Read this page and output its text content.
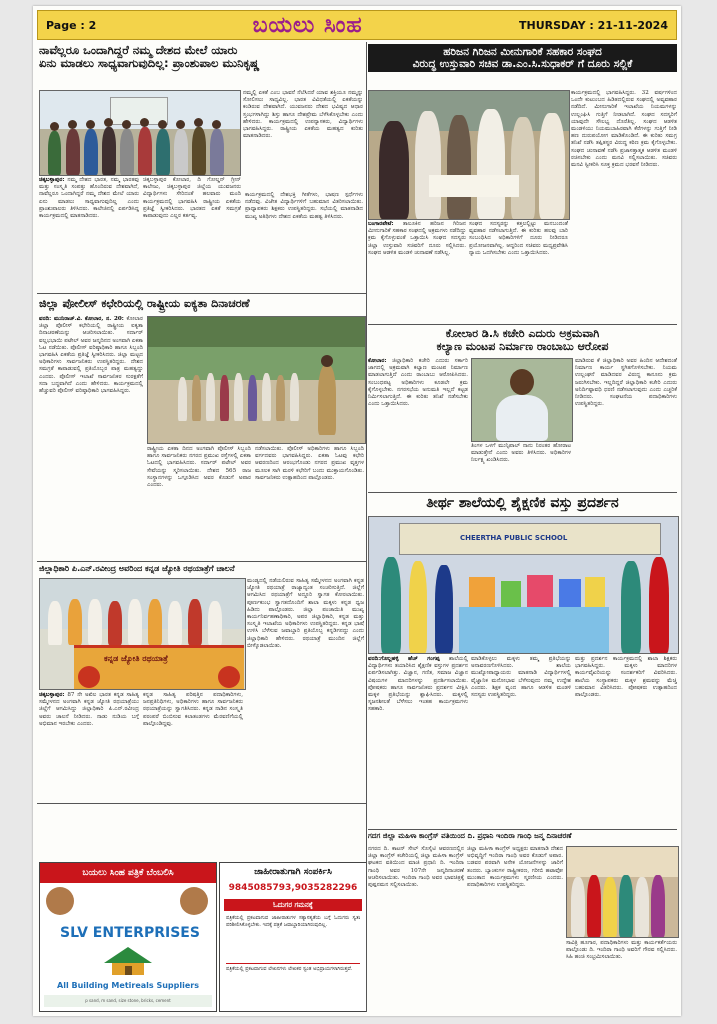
Page : 2	ಬಯಲು ಸಿಂಹ	THURSDAY : 21-11-2024
ನಾವೆಲ್ಲರೂ ಒಂದಾಗಿದ್ದರೆ ನಮ್ಮ ದೇಶದ ಮೇಲೆ ಯಾರು
ಏನು ಮಾಡಲು ಸಾಧ್ಯವಾಗುವುದಿಲ್ಲ: ಪ್ರಾಂಶುಪಾಲ ಮುನಿಕೃಷ್ಣ
ನಮ್ಮಲ್ಲಿ ಏಕತೆ ಎಂಬ ಭಾವನೆ ನೆಲೆಸಿದರೆ ಯಾವ ಶಕ್ತಿಯೂ ನಮ್ಮನ್ನು ಸೋಲಿಸಲು ಸಾಧ್ಯವಿಲ್ಲ. ಭಾರತ ವಿವಿಧತೆಯಲ್ಲಿ ಏಕತೆಯನ್ನು ಕಂಡಿರುವ ದೇಶವಾಗಿದೆ. ಯುವಜನರು ದೇಶದ ಭವಿಷ್ಯದ ಆಧಾರ ಸ್ತಂಭಗಳಾಗಿದ್ದು ಶಿಸ್ತು ಹಾಗೂ ದೇಶಪ್ರೇಮ ಬೆಳೆಸಿಕೊಳ್ಳಬೇಕು ಎಂದು ಹೇಳಿದರು. ಕಾರ್ಯಕ್ರಮದಲ್ಲಿ ಉಪನ್ಯಾಸಕರು, ವಿದ್ಯಾರ್ಥಿಗಳು ಭಾಗವಹಿಸಿದ್ದರು. ರಾಷ್ಟ್ರೀಯ ಏಕತೆಯ ಮಹತ್ವದ ಕುರಿತು ಮಾತನಾಡಿದರು.
ಚಿಕ್ಕಬಳ್ಳಾಪುರ: ನಮ್ಮ ದೇಶದ ಭಾರತ, ನಮ್ಮ ಭಾರತವು ಮತ್ತು ಸಂಸ್ಕೃತಿ ಸಂಪತ್ತು ಹೊಂದಿರುವ ದೇಶವಾಗಿದೆ, ನಾವೆಲ್ಲರೂ ಒಂದಾಗಿದ್ದರೆ ನಮ್ಮ ದೇಶದ ಮೇಲೆ ಯಾರು ಏನು ಮಾಡಲು ಸಾಧ್ಯವಾಗುವುದಿಲ್ಲ ಎಂದು ಪ್ರಾಂಶುಪಾಲರು ತಿಳಿಸಿದರು. ಕಾಲೇಜಿನಲ್ಲಿ ಏರ್ಪಡಿಸಿದ್ದ ಕಾರ್ಯಕ್ರಮದಲ್ಲಿ ಮಾತನಾಡಿದರು.
ಚಿಕ್ಕಬಳ್ಳಾಪುರ ಕೋಲಾರ, ದಿ ಗೋಲ್ಡನ್ ಗ್ರೀನ್ ಕಾಲೇಜು, ಚಿಕ್ಕಬಳ್ಳಾಪುರ ಜಿಲ್ಲೆಯ ಯುವಜನರು ವಿದ್ಯಾರ್ಥಿಗಳು ಸೇರಿದಂತೆ ಹಲವಾರು ಮಂದಿ ಕಾರ್ಯಕ್ರಮದಲ್ಲಿ ಭಾಗವಹಿಸಿ ರಾಷ್ಟ್ರೀಯ ಏಕತೆಯ ಪ್ರತಿಜ್ಞೆ ಸ್ವೀಕರಿಸಿದರು. ಭಾರತದ ಏಕತೆ ಸಮಗ್ರತೆ ಕಾಪಾಡುವುದು ಎಲ್ಲರ ಕರ್ತವ್ಯ.
ಕಾರ್ಯಕ್ರಮದಲ್ಲಿ ದೇಶಭಕ್ತಿ ಗೀತೆಗಳು, ಭಾಷಣ ಸ್ಪರ್ಧೆಗಳು ನಡೆದವು. ವಿಜೇತ ವಿದ್ಯಾರ್ಥಿಗಳಿಗೆ ಬಹುಮಾನ ವಿತರಿಸಲಾಯಿತು. ಪ್ರಾಧ್ಯಾಪಕರು ಶಿಕ್ಷಕರು ಉಪಸ್ಥಿತರಿದ್ದರು. ಸಭೆಯಲ್ಲಿ ಮಾತನಾಡಿದ ಮುಖ್ಯ ಅತಿಥಿಗಳು ದೇಶದ ಏಕತೆಯ ಮಹತ್ವ ತಿಳಿಸಿದರು.
ಜಿಲ್ಲಾ ಪೋಲೀಸ್ ಕಛೇರಿಯಲ್ಲಿ ರಾಷ್ಟ್ರೀಯ ಐಕ್ಯತಾ ದಿನಾಚರಣೆ
ವರದಿ: ಮುನಿರಾಜ್.ವಿ. ಕೋಲಾರ, ನ. 20: ಕೋಲಾರ ಜಿಲ್ಲಾ ಪೊಲೀಸ್ ಕಛೇರಿಯಲ್ಲಿ ರಾಷ್ಟ್ರೀಯ ಐಕ್ಯತಾ ದಿನಾಚರಣೆಯನ್ನು ಆಚರಿಸಲಾಯಿತು. ಸರ್ದಾರ್ ವಲ್ಲಭಭಾಯಿ ಪಟೇಲ್ ಅವರ ಜನ್ಮದಿನದ ಅಂಗವಾಗಿ ಏಕತಾ ಓಟ ನಡೆಯಿತು. ಪೊಲೀಸ್ ವರಿಷ್ಠಾಧಿಕಾರಿ ಹಾಗೂ ಸಿಬ್ಬಂದಿ ಭಾಗವಹಿಸಿ ಏಕತೆಯ ಪ್ರತಿಜ್ಞೆ ಸ್ವೀಕರಿಸಿದರು. ಜಿಲ್ಲಾ ಮಟ್ಟದ ಅಧಿಕಾರಿಗಳು ಸಾರ್ವಜನಿಕರು ಉಪಸ್ಥಿತರಿದ್ದರು. ದೇಶದ ಸಮಗ್ರತೆ ಕಾಪಾಡುವಲ್ಲಿ ಪ್ರತಿಯೊಬ್ಬರ ಪಾತ್ರ ಮಹತ್ವದ್ದು ಎಂದರು. ಪೊಲೀಸ್ ಇಲಾಖೆ ಸಾರ್ವಜನಿಕರ ಸುರಕ್ಷತೆಗೆ ಸದಾ ಬದ್ಧವಾಗಿದೆ ಎಂದು ಹೇಳಿದರು. ಕಾರ್ಯಕ್ರಮದಲ್ಲಿ ಹೆಚ್ಚುವರಿ ಪೊಲೀಸ್ ವರಿಷ್ಠಾಧಿಕಾರಿ ಭಾಗವಹಿಸಿದ್ದರು.
ರಾಷ್ಟ್ರೀಯ ಏಕತಾ ದಿನದ ಅಂಗವಾಗಿ ಪೊಲೀಸ್ ಸಿಬ್ಬಂದಿ ಹಾಗೂ ಸಾರ್ವಜನಿಕರು ನಗರದ ಪ್ರಮುಖ ರಸ್ತೆಗಳಲ್ಲಿ ಏಕತಾ ಓಟದಲ್ಲಿ ಭಾಗವಹಿಸಿದರು. ಸರ್ದಾರ್ ಪಟೇಲ್ ಅವರ ಸೇವೆಯನ್ನು ಸ್ಮರಿಸಲಾಯಿತು. ದೇಶದ 565 ರಾಜ ಸಂಸ್ಥಾನಗಳನ್ನು ಒಗ್ಗೂಡಿಸಿದ ಅವರ ಕೊಡುಗೆ ಅಪಾರ ಎಂದರು.
ನಡೆಸಲಾಯಿತು. ಪೊಲೀಸ್ ಅಧಿಕಾರಿಗಳು ಹಾಗೂ ಸಿಬ್ಬಂದಿ ವರ್ಗದವರು ಭಾಗವಹಿಸಿದ್ದರು. ಏಕತಾ ಓಟವು ಕಛೇರಿ ಆವರಣದಿಂದ ಆರಂಭಗೊಂಡು ನಗರದ ಪ್ರಮುಖ ವೃತ್ತಗಳ ಮೂಲಕ ಸಾಗಿ ಮರಳಿ ಕಛೇರಿಗೆ ಬಂದು ಮುಕ್ತಾಯಗೊಂಡಿತು. ಸಾರ್ವಜನಿಕರು ಉತ್ಸಾಹದಿಂದ ಪಾಲ್ಗೊಂಡರು.
ಜಿಲ್ಲಾಧಿಕಾರಿ ಪಿ.ಎನ್.ರವೀಂದ್ರ ಅವರಿಂದ ಕನ್ನಡ ಜ್ಯೋತಿ ರಥಯಾತ್ರೆಗೆ ಚಾಲನೆ
ಕನ್ನಡ ಜ್ಯೋತಿ ರಥಯಾತ್ರೆ
ಚಿಕ್ಕಬಳ್ಳಾಪುರ: 87 ನೇ ಅಖಿಲ ಭಾರತ ಕನ್ನಡ ಸಾಹಿತ್ಯ ಸಮ್ಮೇಳನದ ಅಂಗವಾಗಿ ಕನ್ನಡ ಜ್ಯೋತಿ ರಥಯಾತ್ರೆಯು ಜಿಲ್ಲೆಗೆ ಆಗಮಿಸಿದ್ದು ಜಿಲ್ಲಾಧಿಕಾರಿ ಪಿ.ಎನ್.ರವೀಂದ್ರ ಅವರು ಚಾಲನೆ ನೀಡಿದರು. ನಾಡು ನುಡಿಯ ಬಗ್ಗೆ ಅಭಿಮಾನ ಇರಬೇಕು ಎಂದರು.
ಕನ್ನಡ ಸಾಹಿತ್ಯ ಪರಿಷತ್ತಿನ ಪದಾಧಿಕಾರಿಗಳು, ಜನಪ್ರತಿನಿಧಿಗಳು, ಅಧಿಕಾರಿಗಳು ಹಾಗೂ ಸಾರ್ವಜನಿಕರು ರಥಯಾತ್ರೆಯನ್ನು ಸ್ವಾಗತಿಸಿದರು. ಕನ್ನಡ ನಾಡಿನ ಸಂಸ್ಕೃತಿ ಪರಂಪರೆ ಬಿಂಬಿಸುವ ಕಲಾತಂಡಗಳು ಮೆರವಣಿಗೆಯಲ್ಲಿ ಪಾಲ್ಗೊಂಡಿದ್ದವು.
ಮಂಡ್ಯದಲ್ಲಿ ನಡೆಯಲಿರುವ ಸಾಹಿತ್ಯ ಸಮ್ಮೇಳನದ ಅಂಗವಾಗಿ ಕನ್ನಡ ಜ್ಯೋತಿ ರಥಯಾತ್ರೆ ರಾಜ್ಯಾದ್ಯಂತ ಸಂಚರಿಸುತ್ತಿದೆ. ಜಿಲ್ಲೆಗೆ ಆಗಮಿಸಿದ ರಥಯಾತ್ರೆಗೆ ಅದ್ದೂರಿ ಸ್ವಾಗತ ಕೋರಲಾಯಿತು. ಪೂರ್ಣಕುಂಭ ಸ್ವಾಗತದೊಂದಿಗೆ ಶಾಲಾ ಮಕ್ಕಳು ಕನ್ನಡ ಧ್ವಜ ಹಿಡಿದು ಪಾಲ್ಗೊಂಡರು. ಜಿಲ್ಲಾ ಪಂಚಾಯಿತಿ ಮುಖ್ಯ ಕಾರ್ಯನಿರ್ವಹಣಾಧಿಕಾರಿ, ಅಪರ ಜಿಲ್ಲಾಧಿಕಾರಿ, ಕನ್ನಡ ಮತ್ತು ಸಂಸ್ಕೃತಿ ಇಲಾಖೆಯ ಅಧಿಕಾರಿಗಳು ಉಪಸ್ಥಿತರಿದ್ದರು. ಕನ್ನಡ ಭಾಷೆ ಉಳಿಸಿ ಬೆಳೆಸುವ ಜವಾಬ್ದಾರಿ ಪ್ರತಿಯೊಬ್ಬ ಕನ್ನಡಿಗನದ್ದು ಎಂದು ಜಿಲ್ಲಾಧಿಕಾರಿ ಹೇಳಿದರು. ರಥಯಾತ್ರೆ ಮುಂದಿನ ಜಿಲ್ಲೆಗೆ ಬೀಳ್ಕೊಡಲಾಯಿತು.
ಬಯಲು ಸಿಂಹ ಪತ್ರಿಕೆ ಬೆಂಬಲಿಸಿ
SLV ENTERPRISES
All Building Metireals Suppliers
p sand, m sand, size stone, bricks, cement
ಜಾಹೀರಾತುಗಾಗಿ ಸಂಪರ್ಕಿಸಿ
9845085793,9035282296
ಓದುಗರ ಗಮನಕ್ಕೆ
ಪತ್ರಿಕೆಯಲ್ಲಿ ಪ್ರಕಟವಾಗುವ ಜಾಹೀರಾತುಗಳ ಸತ್ಯಾಸತ್ಯತೆಯ ಬಗ್ಗೆ ಓದುಗರು ಸ್ವತಃ ಪರಿಶೀಲಿಸಿಕೊಳ್ಳಬೇಕು. ಇದಕ್ಕೆ ಪತ್ರಿಕೆ ಜವಾಬ್ದಾರಿಯಾಗಿರುವುದಿಲ್ಲ.
ಪತ್ರಿಕೆಯಲ್ಲಿ ಪ್ರಕಟವಾಗುವ ಲೇಖನಗಳು ಲೇಖಕರ ಸ್ವಂತ ಅಭಿಪ್ರಾಯಗಳಾಗಿರುತ್ತವೆ.
ಹರಿಜನ ಗಿರಿಜನ ಮೀನುಗಾರಿಕೆ ಸಹಕಾರ ಸಂಘದ
ವಿರುದ್ಧ ಉಸ್ತುವಾರಿ ಸಚಿವ ಡಾ.ಎಂ.ಸಿ.ಸುಧಾಕರ್ ಗೆ ದೂರು ಸಲ್ಲಿಕೆ
ಕಾರ್ಯಕ್ರಮದಲ್ಲಿ ಭಾಗವಹಿಸಿದ್ದರು. 32 ವರ್ಷಗಳಿಂದ ಒಂದೇ ಕುಟುಂಬದ ಹಿಡಿತದಲ್ಲಿರುವ ಸಂಘದಲ್ಲಿ ಅವ್ಯವಹಾರ ನಡೆದಿದೆ. ಮೀನುಗಾರಿಕೆ ಇಲಾಖೆಯ ನಿಯಮಗಳನ್ನು ಉಲ್ಲಂಘಿಸಿ ಗುತ್ತಿಗೆ ನೀಡಲಾಗಿದೆ. ಸಂಘದ ಸದಸ್ಯರಿಗೆ ಯಾವುದೇ ಸೌಲಭ್ಯ ದೊರೆತಿಲ್ಲ. ಸಂಘದ ಆಡಳಿತ ಮಂಡಳಿಯು ನಿಯಮಬಾಹಿರವಾಗಿ ಕೆರೆಗಳನ್ನು ಗುತ್ತಿಗೆ ನೀಡಿ ಹಣ ದುರುಪಯೋಗ ಮಾಡಿಕೊಂಡಿದೆ. ಈ ಕುರಿತು ಸಮಗ್ರ ತನಿಖೆ ನಡೆಸಿ ತಪ್ಪಿತಸ್ಥರ ವಿರುದ್ಧ ಕಠಿಣ ಕ್ರಮ ಕೈಗೊಳ್ಳಬೇಕು. ಸಂಘದ ಚುನಾವಣೆ ನಡೆಸಿ ಪ್ರಜಾಸತ್ತಾತ್ಮಕ ಆಡಳಿತ ಮಂಡಳಿ ರಚಿಸಬೇಕು ಎಂದು ಮನವಿ ಸಲ್ಲಿಸಲಾಯಿತು. ಸಚಿವರು ಮನವಿ ಸ್ವೀಕರಿಸಿ ಸೂಕ್ತ ಕ್ರಮದ ಭರವಸೆ ನೀಡಿದರು.
ಬಂಗಾರಪೇಟೆ: ತಾಲೂಕಿನ ಹರಿಜನ ಗಿರಿಜನ ಮೀನುಗಾರಿಕೆ ಸಹಕಾರ ಸಂಘದಲ್ಲಿ ಅಕ್ರಮಗಳು ನಡೆದಿದ್ದು ಕ್ರಮ ಕೈಗೊಳ್ಳುವಂತೆ ಒತ್ತಾಯಿಸಿ ಸಂಘದ ಸದಸ್ಯರು ಜಿಲ್ಲಾ ಉಸ್ತುವಾರಿ ಸಚಿವರಿಗೆ ದೂರು ಸಲ್ಲಿಸಿದರು. ಸಂಘದ ಆಡಳಿತ ಮಂಡಳಿ ಚುನಾವಣೆ ನಡೆಸಿಲ್ಲ.
ಸಂಘದ ಸದಸ್ಯರನ್ನು ಕತ್ತಲಲ್ಲಿಟ್ಟು ಮನಬಂದಂತೆ ವ್ಯವಹಾರ ನಡೆಸಲಾಗುತ್ತಿದೆ. ಈ ಕುರಿತು ಹಲವು ಬಾರಿ ಸಂಬಂಧಿಸಿದ ಅಧಿಕಾರಿಗಳಿಗೆ ದೂರು ನೀಡಿದರೂ ಪ್ರಯೋಜನವಾಗಿಲ್ಲ. ಆದ್ದರಿಂದ ಸಚಿವರು ಮಧ್ಯಪ್ರವೇಶಿಸಿ ನ್ಯಾಯ ಒದಗಿಸಬೇಕು ಎಂದು ಒತ್ತಾಯಿಸಿದರು.
ಕೋಲಾರ ಡಿ.ಸಿ ಕಚೇರಿ ಎದುರು ಅಕ್ರಮವಾಗಿ
ಕಲ್ಯಾಣ ಮಂಟಪ ನಿರ್ಮಾಣ ರಾಂಬಾಬು ಆರೋಪ
ಕೋಲಾರ: ಜಿಲ್ಲಾಧಿಕಾರಿ ಕಚೇರಿ ಎದುರು ಸರ್ಕಾರಿ ಜಾಗದಲ್ಲಿ ಅಕ್ರಮವಾಗಿ ಕಲ್ಯಾಣ ಮಂಟಪ ನಿರ್ಮಾಣ ಮಾಡಲಾಗುತ್ತಿದೆ ಎಂದು ರಾಂಬಾಬು ಆರೋಪಿಸಿದರು. ಸಂಬಂಧಪಟ್ಟ ಅಧಿಕಾರಿಗಳು ಕೂಡಲೇ ಕ್ರಮ ಕೈಗೊಳ್ಳಬೇಕು. ನಗರಸಭೆಯ ಅನುಮತಿ ಇಲ್ಲದೆ ಕಟ್ಟಡ ನಿರ್ಮಿಸಲಾಗುತ್ತಿದೆ. ಈ ಕುರಿತು ತನಿಖೆ ನಡೆಸಬೇಕು ಎಂದು ಒತ್ತಾಯಿಸಿದರು.
ತಿಂಗಳ ಒಳಗೆ ಮುನ್ಸಿಪಾಲ್ ನಾನು ನಿರಂತರ ಹೋರಾಟ ಮಾಡುತ್ತೇನೆ ಎಂದು ಅವರು ತಿಳಿಸಿದರು. ಅಧಿಕಾರಿಗಳ ನಿರ್ಲಕ್ಷ್ಯ ಖಂಡಿಸಿದರು.
ಮಾಡಿರುವ ಕೆ ಜಿಲ್ಲಾಧಿಕಾರಿ ಅವರ ಹಿಂದಿನ ಆದೇಶದಂತೆ ನಿರ್ಮಾಣ ಕಾರ್ಯ ಸ್ಥಗಿತಗೊಳಿಸಬೇಕು. ನಿಯಮ ಉಲ್ಲಂಘನೆ ಮಾಡಿದವರ ವಿರುದ್ಧ ಕಾನೂನು ಕ್ರಮ ಜರುಗಿಸಬೇಕು. ಇಲ್ಲದಿದ್ದರೆ ಜಿಲ್ಲಾಧಿಕಾರಿ ಕಚೇರಿ ಎದುರು ಅನಿರ್ದಿಷ್ಟಾವಧಿ ಧರಣಿ ನಡೆಸಲಾಗುವುದು ಎಂದು ಎಚ್ಚರಿಕೆ ನೀಡಿದರು. ಸಂಘಟನೆಯ ಪದಾಧಿಕಾರಿಗಳು ಉಪಸ್ಥಿತರಿದ್ದರು.
ತೀರ್ಥ ಶಾಲೆಯಲ್ಲಿ ಶೈಕ್ಷಣಿಕ ವಸ್ತು ಪ್ರದರ್ಶನ
CHEERTHA PUBLIC SCHOOL
ವರದಿ:ಗೊಲ್ಲಹಳ್ಳಿ ಹೆಚ್ ಗಂಗಪ್ಪ ಶಾಲೆಯಲ್ಲಿ ವಿದ್ಯಾರ್ಥಿಗಳು ತಯಾರಿಸಿದ ಶೈಕ್ಷಣಿಕ ವಸ್ತುಗಳ ಪ್ರದರ್ಶನ ಏರ್ಪಡಿಸಲಾಗಿತ್ತು. ವಿಜ್ಞಾನ, ಗಣಿತ, ಸಮಾಜ ವಿಜ್ಞಾನ ವಿಷಯಗಳ ಮಾದರಿಗಳನ್ನು ಪ್ರದರ್ಶಿಸಲಾಯಿತು. ಪೋಷಕರು ಹಾಗೂ ಸಾರ್ವಜನಿಕರು ಪ್ರದರ್ಶನ ವೀಕ್ಷಿಸಿ ಮಕ್ಕಳ ಪ್ರತಿಭೆಯನ್ನು ಶ್ಲಾಘಿಸಿದರು. ಮಕ್ಕಳಲ್ಲಿ ಸೃಜನಶೀಲತೆ ಬೆಳೆಸಲು ಇಂತಹ ಕಾರ್ಯಕ್ರಮಗಳು ಸಹಕಾರಿ.
ಮಾಡಿಕೊಳ್ಳಲು ಮಕ್ಕಳು ತಮ್ಮ ಪ್ರತಿಭೆಯನ್ನು ಅನಾವರಣಗೊಳಿಸಿದರು. ಶಾಲೆಯ ಮುಖ್ಯೋಪಾಧ್ಯಾಯರು ಮಾತನಾಡಿ ವಿದ್ಯಾರ್ಥಿಗಳಲ್ಲಿ ವೈಜ್ಞಾನಿಕ ಮನೋಭಾವ ಬೆಳೆಸುವುದು ನಮ್ಮ ಉದ್ದೇಶ ಎಂದರು. ಶಿಕ್ಷಕ ವೃಂದ ಹಾಗೂ ಆಡಳಿತ ಮಂಡಳಿ ಸದಸ್ಯರು ಉಪಸ್ಥಿತರಿದ್ದರು.
ಮತ್ತು ಪ್ರದರ್ಶನ ಕಾರ್ಯಕ್ರಮದಲ್ಲಿ ಶಾಲಾ ಶಿಕ್ಷಕರು ಭಾಗವಹಿಸಿದ್ದರು. ಮಕ್ಕಳು ಮಾದರಿಗಳ ಕಾರ್ಯವೈಖರಿಯನ್ನು ಸಂದರ್ಶಕರಿಗೆ ವಿವರಿಸಿದರು. ಶಾಲೆಯ ಸಂಸ್ಥಾಪಕರು ಮಕ್ಕಳ ಶ್ರಮವನ್ನು ಮೆಚ್ಚಿ ಬಹುಮಾನ ವಿತರಿಸಿದರು. ಪೋಷಕರು ಉತ್ಸಾಹದಿಂದ ಪಾಲ್ಗೊಂಡರು.
ಗದಗ ಜಿಲ್ಲಾ ಮಹಿಳಾ ಕಾಂಗ್ರೆಸ್ ವತಿಯಿಂದ ದಿ. ಪ್ರಧಾನಿ ಇಂದಿರಾ ಗಾಂಧಿ ಜನ್ಮ ದಿನಾಚರಣೆ
ನಗರದ ದಿ. ಕಾಟನ್ ಸೇಲ್ ಸೊಸೈಟಿ ಆವರಣದಲ್ಲಿನ ಜಿಲ್ಲಾ ಕಾಂಗ್ರೆಸ್ ಕಚೇರಿಯಲ್ಲಿ ಜಿಲ್ಲಾ ಮಹಿಳಾ ಕಾಂಗ್ರೆಸ್ ಘಟಕದ ವತಿಯಿಂದ ಮಾಜಿ ಪ್ರಧಾನಿ ದಿ. ಇಂದಿರಾ ಗಾಂಧಿ ಅವರ 107ನೇ ಜನ್ಮದಿನಾಚರಣೆ ಆಚರಿಸಲಾಯಿತು. ಇಂದಿರಾ ಗಾಂಧಿ ಅವರ ಭಾವಚಿತ್ರಕ್ಕೆ ಪುಷ್ಪನಮನ ಸಲ್ಲಿಸಲಾಯಿತು.
ಜಿಲ್ಲಾ ಮಹಿಳಾ ಕಾಂಗ್ರೆಸ್ ಅಧ್ಯಕ್ಷರು ಮಾತನಾಡಿ ದೇಶದ ಅಭಿವೃದ್ಧಿಗೆ ಇಂದಿರಾ ಗಾಂಧಿ ಅವರ ಕೊಡುಗೆ ಅಪಾರ. ಬಡವರ ಪರವಾಗಿ ಅನೇಕ ಯೋಜನೆಗಳನ್ನು ಜಾರಿಗೆ ತಂದರು. ಬ್ಯಾಂಕುಗಳ ರಾಷ್ಟ್ರೀಕರಣ, ಗರೀಬಿ ಹಟಾವೋ ಮುಂತಾದ ಕಾರ್ಯಕ್ರಮಗಳು ಸ್ಮರಣೀಯ ಎಂದರು. ಪದಾಧಿಕಾರಿಗಳು ಉಪಸ್ಥಿತರಿದ್ದರು.
ಸಾವಿತ್ರಿ ಹೂಗಾರ, ಪದಾಧಿಕಾರಿಗಳು ಮತ್ತು ಕಾರ್ಯಕರ್ತೆಯರು ಪಾಲ್ಗೊಂಡು ದಿ. ಇಂದಿರಾ ಗಾಂಧಿ ಅವರಿಗೆ ಗೌರವ ಸಲ್ಲಿಸಿದರು. ಸಿಹಿ ಹಂಚಿ ಸಂಭ್ರಮಿಸಲಾಯಿತು.
